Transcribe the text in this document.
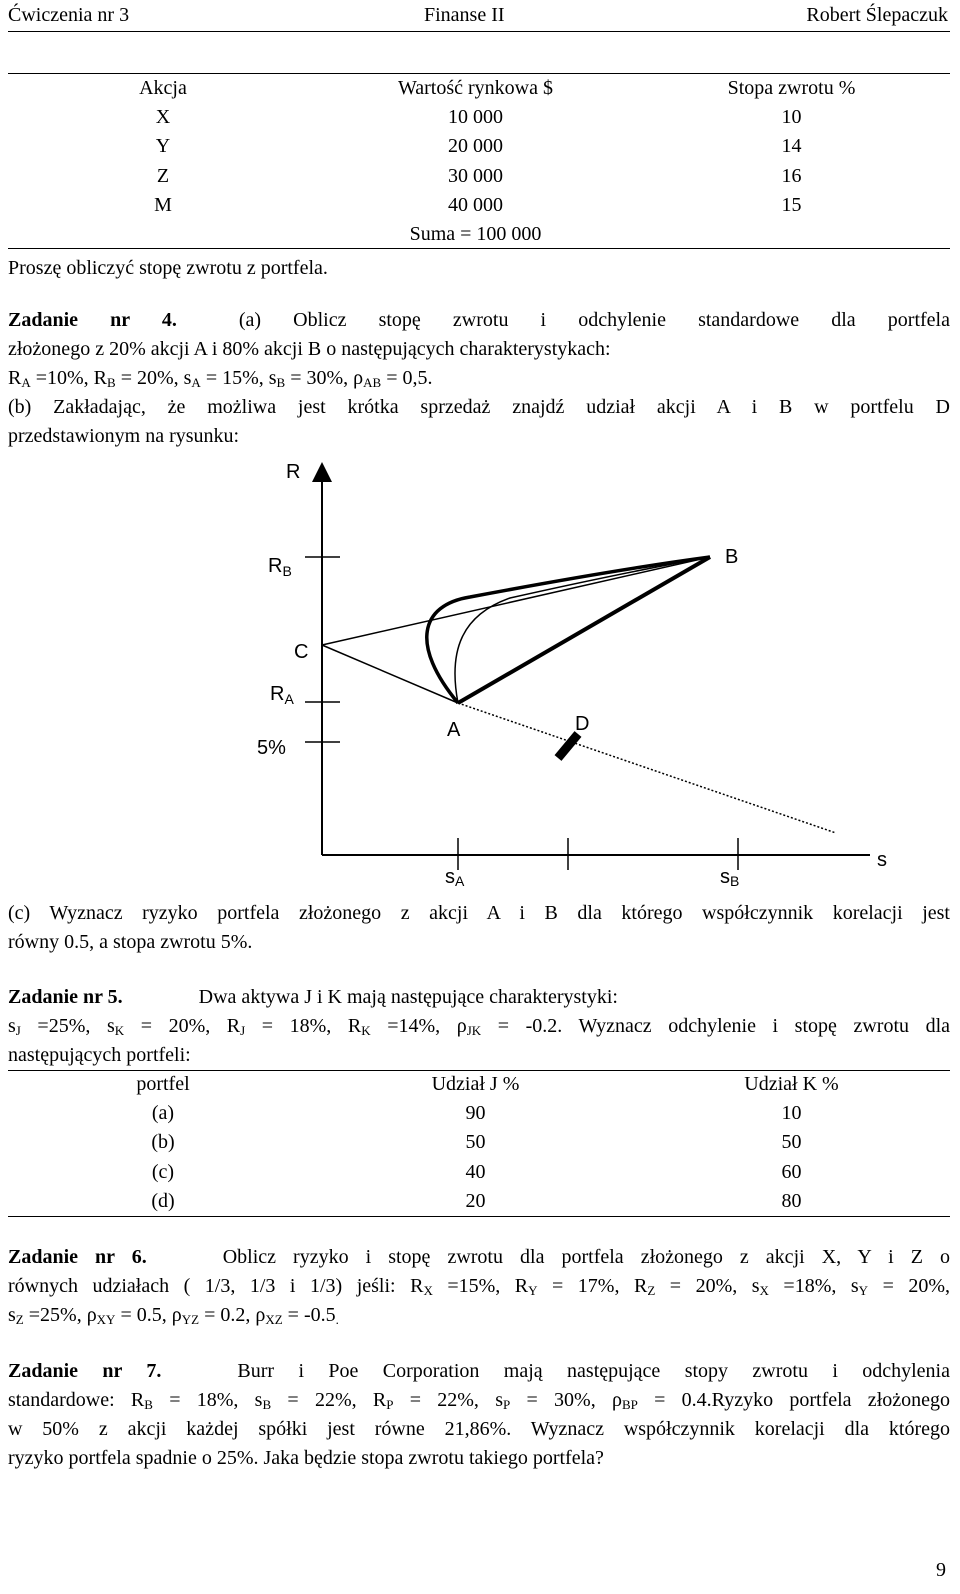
Ćwiczenia nr 3	Finanse II	Robert Ślepaczuk
Akcja	Wartość rynkowa $	Stopa zwrotu %
X	10 000	10
Y	20 000	14
Z	30 000	16
M	40 000	15
	Suma = 100 000	
Proszę obliczyć stopę zwrotu z portfela.
Zadanie nr 4.	(a) Oblicz stopę zwrotu i odchylenie standardowe dla portfela
złożonego z 20% akcji A i 80% akcji B o następujących charakterystykach:
$R_A =10\%$, $R_B = 20\%$, $s_A = 15\%$, $s_B = 30\%$, $\rho_{AB} = 0,5$.
(b) Zakładając, że możliwa jest krótka sprzedaż znajdź udział akcji A i B w portfelu D
przedstawionym na rysunku:
R
s
$R_B$
$R_A$
5%
B
C
A	D
sA	sB
(c) Wyznacz ryzyko portfela złożonego z akcji A i B dla którego współczynnik korelacji jest
równy 0.5, a stopa zwrotu 5%.
Zadanie nr 5.	Dwa aktywa J i K mają następujące charakterystyki:
$s_J =25\%$, $s_K = 20\%$, $R_J = 18\%$, $R_K =14\%$, $\rho_{JK} = -0.2$. Wyznacz odchylenie i stopę zwrotu dla
następujących portfeli:
portfel	Udział J %	Udział K %
(a)	90	10
(b)	50	50
(c)	40	60
(d)	20	80
Zadanie nr 6.	Oblicz ryzyko i stopę zwrotu dla portfela złożonego z akcji X, Y i Z o
równych udziałach ( 1/3, 1/3 i 1/3) jeśli: $R_X =15\%$, $R_Y = 17\%$, $R_Z = 20\%$, $s_X =18\%$, $s_Y = 20\%$,
$s_Z =25\%$, $\rho_{XY} = 0.5$, $\rho_{YZ} = 0.2$, $\rho_{XZ} = -0.5_.$
Zadanie nr 7.	Burr i Poe Corporation mają następujące stopy zwrotu i odchylenia
standardowe: $R_B = 18\%$, $s_B = 22\%$, $R_P = 22\%$, $s_P = 30\%$, $\rho_{BP}$ = 0.4.Ryzyko portfela złożonego
w 50% z akcji każdej spółki jest równe 21,86%. Wyznacz współczynnik korelacji dla którego
ryzyko portfela spadnie o 25%. Jaka będzie stopa zwrotu takiego portfela?
9
